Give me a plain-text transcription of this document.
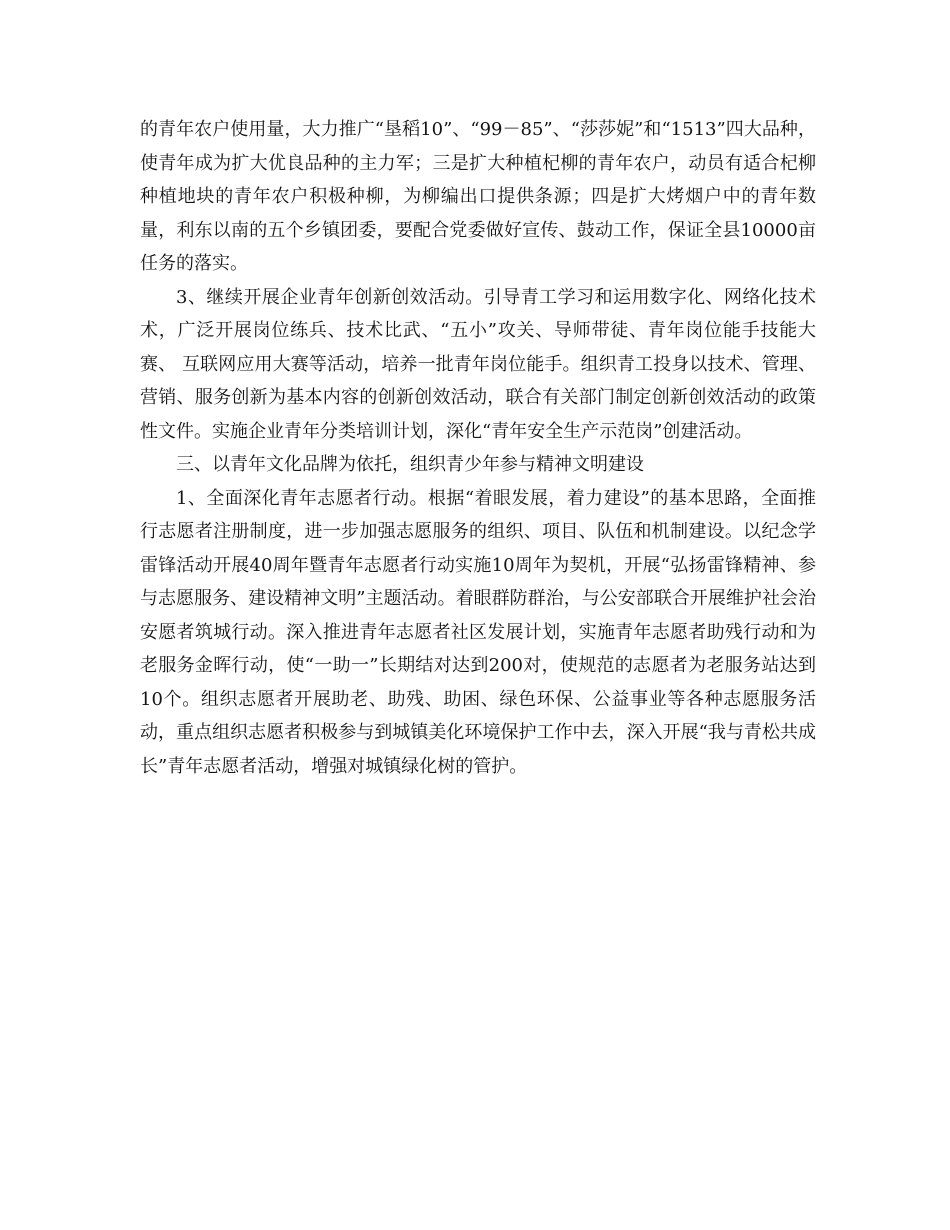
的青年农户使用量，大力推广“垦稻10”、“99－85”、“莎莎妮”和“1513”四大品种，使青年成为扩大优良品种的主力军；三是扩大种植杞柳的青年农户，动员有适合杞柳种植地块的青年农户积极种柳，为柳编出口提供条源；四是扩大烤烟户中的青年数量，利东以南的五个乡镇团委，要配合党委做好宣传、鼓动工作，保证全县10000亩任务的落实。

3、继续开展企业青年创新创效活动。引导青工学习和运用数字化、网络化技术术，广泛开展岗位练兵、技术比武、“五小”攻关、导师带徒、青年岗位能手技能大赛、 互联网应用大赛等活动，培养一批青年岗位能手。组织青工投身以技术、管理、营销、服务创新为基本内容的创新创效活动，联合有关部门制定创新创效活动的政策性文件。实施企业青年分类培训计划，深化“青年安全生产示范岗”创建活动。

三、以青年文化品牌为依托，组织青少年参与精神文明建设

1、全面深化青年志愿者行动。根据“着眼发展，着力建设”的基本思路，全面推行志愿者注册制度，进一步加强志愿服务的组织、项目、队伍和机制建设。以纪念学雷锋活动开展40周年暨青年志愿者行动实施10周年为契机，开展“弘扬雷锋精神、参与志愿服务、建设精神文明”主题活动。着眼群防群治，与公安部联合开展维护社会治安愿者筑城行动。深入推进青年志愿者社区发展计划，实施青年志愿者助残行动和为老服务金晖行动，使“一助一”长期结对达到200对，使规范的志愿者为老服务站达到10个。组织志愿者开展助老、助残、助困、绿色环保、公益事业等各种志愿服务活动，重点组织志愿者积极参与到城镇美化环境保护工作中去，深入开展“我与青松共成长”青年志愿者活动，增强对城镇绿化树的管护。
